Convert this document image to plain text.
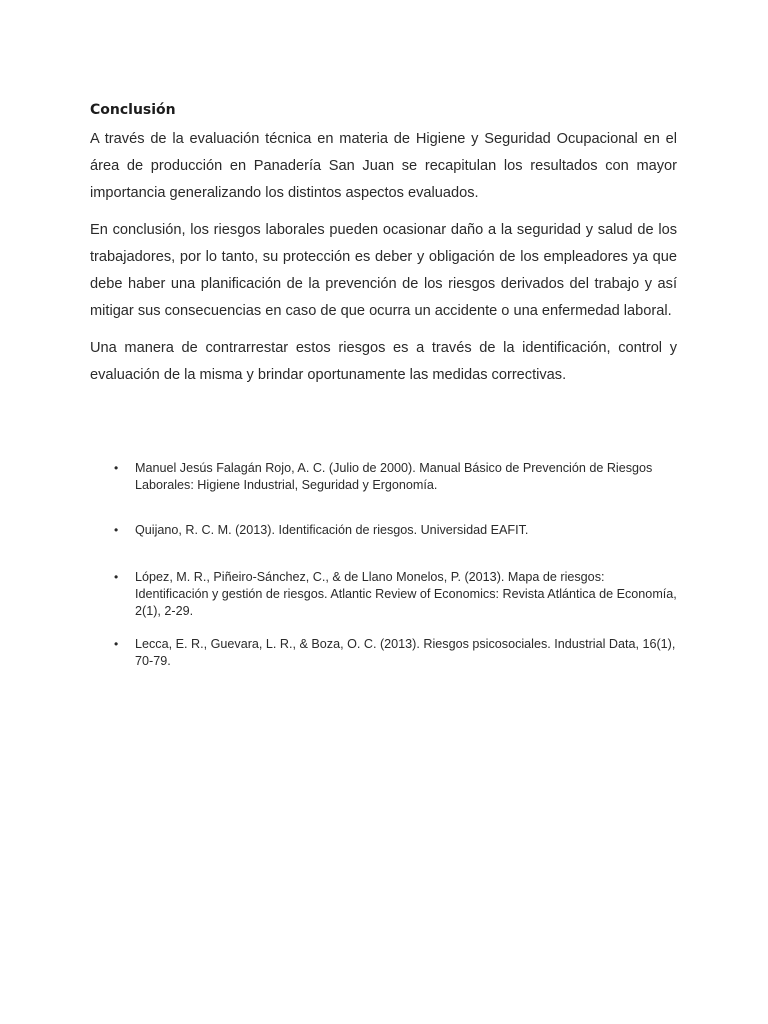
Conclusión

A través de la evaluación técnica en materia de Higiene y Seguridad Ocupacional en el área de producción en Panadería San Juan se recapitulan los resultados con mayor importancia generalizando los distintos aspectos evaluados.

En conclusión, los riesgos laborales pueden ocasionar daño a la seguridad y salud de los trabajadores, por lo tanto, su protección es deber y obligación de los empleadores ya que debe haber una planificación de la prevención de los riesgos derivados del trabajo y así mitigar sus consecuencias en caso de que ocurra un accidente o una enfermedad laboral.

Una manera de contrarrestar estos riesgos es a través de la identificación, control y evaluación de la misma y brindar oportunamente las medidas correctivas.

• Manuel Jesús Falagán Rojo, A. C. (Julio de 2000). Manual Básico de Prevención de Riesgos Laborales: Higiene Industrial, Seguridad y Ergonomía.
• Quijano, R. C. M. (2013). Identificación de riesgos. Universidad EAFIT.
• López, M. R., Piñeiro-Sánchez, C., & de Llano Monelos, P. (2013). Mapa de riesgos: Identificación y gestión de riesgos. Atlantic Review of Economics: Revista Atlántica de Economía, 2(1), 2-29.
• Lecca, E. R., Guevara, L. R., & Boza, O. C. (2013). Riesgos psicosociales. Industrial Data, 16(1), 70-79.
